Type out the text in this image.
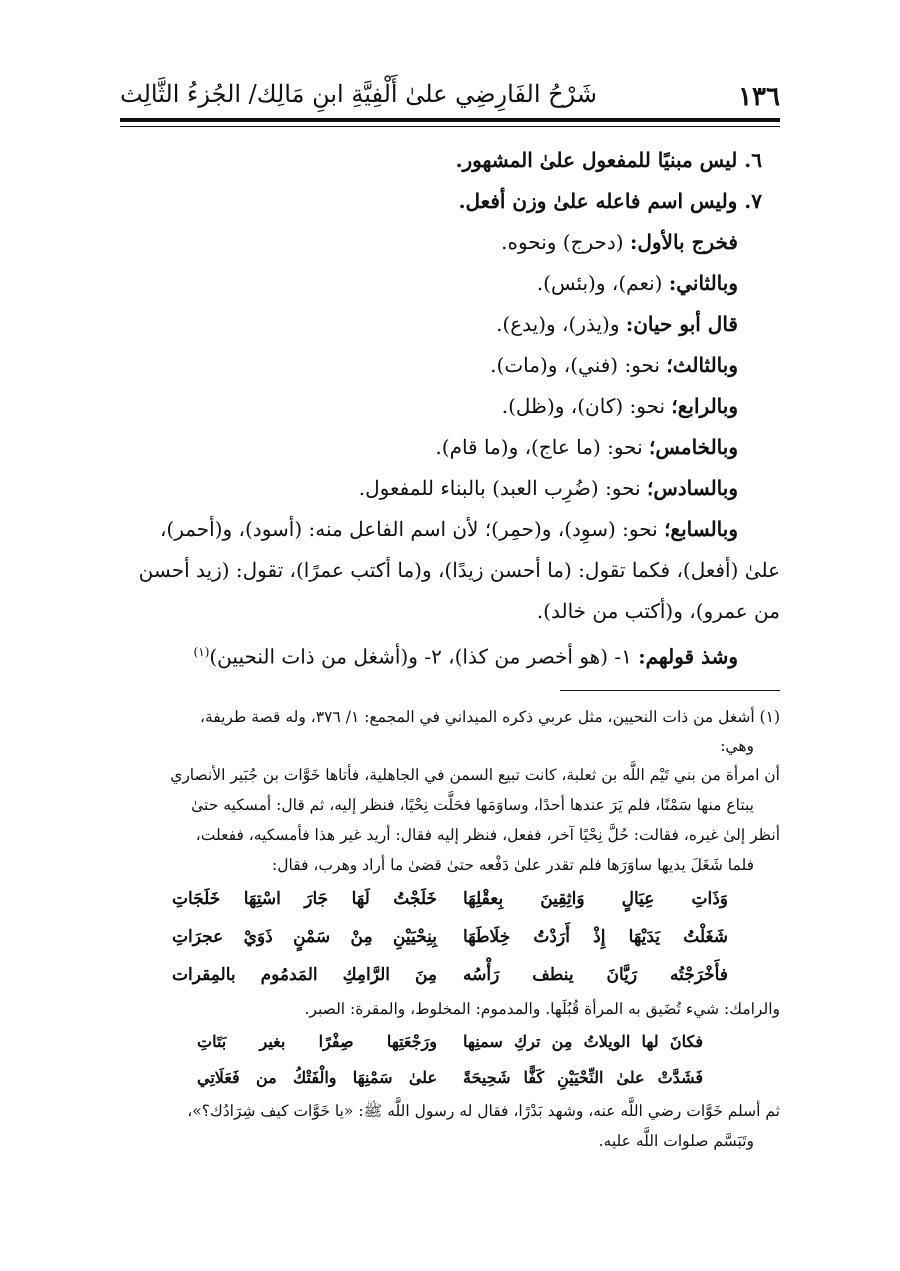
١٣٦
شَرْحُ الفَارِضِي علىٰ أَلْفِيَّةِ ابنِ مَالِك/ الجُزءُ الثَّالِث
٦. ليس مبنيًا للمفعول علىٰ المشهور.
٧. وليس اسم فاعله علىٰ وزن أفعل.
فخرج بالأول: (دحرج) ونحوه.
وبالثاني: (نعم)، و(بئس).
قال أبو حيان: و(يذر)، و(يدع).
وبالثالث؛ نحو: (فني)، و(مات).
وبالرابع؛ نحو: (كان)، و(ظل).
وبالخامس؛ نحو: (ما عاج)، و(ما قام).
وبالسادس؛ نحو: (ضُرِب العبد) بالبناء للمفعول.
وبالسابع؛ نحو: (سوِد)، و(حمِر)؛ لأن اسم الفاعل منه: (أسود)، و(أحمر)،
علىٰ (أفعل)، فكما تقول: (ما أحسن زيدًا)، و(ما أكتب عمرًا)، تقول: (زيد أحسن
من عمرو)، و(أكتب من خالد).
وشذ قولهم: ١- (هو أخصر من كذا)، ٢- و(أشغل من ذات النحيين)$^{(١)}$
(١) أشغل من ذات النحيين، مثل عربي ذكره الميداني في المجمع: ١/ ٣٧٦، وله قصة طريفة،
وهي:
أن امرأة من بني تَيْم اللَّه بن ثعلبة، كانت تبيع السمن في الجاهلية، فأتاها خَوَّات بن جُبَير الأنصاري
يبتاع منها سَمْنًا، فلم يَرَ عندها أحدًا، وساوَمَها فحَلَّت نِحْيًا، فنظر إليه، ثم قال: أمسكيه حتىٰ
أنظر إلىٰ غيره، فقالت: حُلَّ نِحْيًا آخر، ففعل، فنظر إليه فقال: أريد غير هذا فأمسكيه، ففعلت،
فلما شَغَلَ يديها ساوَرَها فلم تقدر علىٰ دَفْعه حتىٰ قضىٰ ما أراد وهرب، فقال:
وَذَاتِ عِيَالٍ وَاثِقِينَ بِعقْلِهَا
خَلَجْتُ لَهَا جَارَ اسْتِهَا خَلَجَاتِ
شَغَلْتُ يَدَيْهَا إِذْ أَرَدْتُ خِلَاطَهَا
بِنِحْيَيْنِ مِنْ سَمْنٍ ذَوَيْ عجرَاتِ
فأَخْرَجْتُه رَيَّانَ ينطف رَأْسُه
مِنَ الرَّامِكِ المَدمُوم بالمِقرات
والرامك: شيء تُضَيق به المرأة قُبُلَها. والمدموم: المخلوط، والمقرة: الصبر.
فكانَ لها الويلاتُ مِن تركِ سمنِها
ورَجْعَتِها صِفْرًا بغير بَتَاتِ
فَشَدَّتْ علىٰ النِّحْيَيْنِ كَفًّا شَحِيحَةً
علىٰ سَمْنِهَا والْفَتْكُ من فَعَلَاتِي
ثم أسلم خَوَّات رضي اللَّه عنه، وشهد بَدْرًا، فقال له رسول اللَّه ﷺ: «يا خَوَّات كيف شِرَادُك؟»،
وتَبَسَّم صلوات اللَّه عليه.
